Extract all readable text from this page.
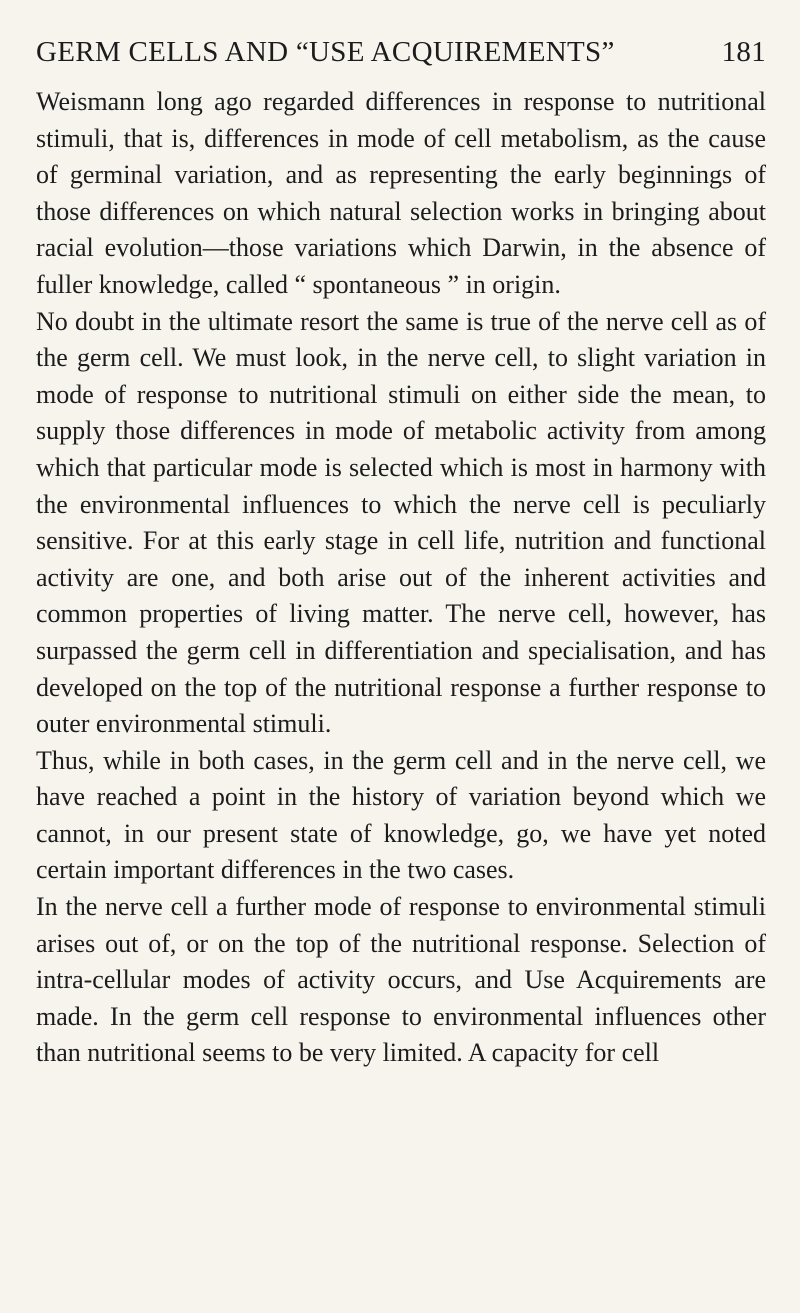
GERM CELLS AND “USE ACQUIREMENTS”	181

Weismann long ago regarded differences in response to nutritional stimuli, that is, differences in mode of cell metabolism, as the cause of germinal variation, and as representing the early beginnings of those differences on which natural selection works in bringing about racial evolution—those variations which Darwin, in the absence of fuller knowledge, called “ spontaneous ” in origin.

No doubt in the ultimate resort the same is true of the nerve cell as of the germ cell. We must look, in the nerve cell, to slight variation in mode of response to nutritional stimuli on either side the mean, to supply those differences in mode of metabolic activity from among which that particular mode is selected which is most in harmony with the environmental influences to which the nerve cell is peculiarly sensitive. For at this early stage in cell life, nutrition and functional activity are one, and both arise out of the inherent activities and common properties of living matter. The nerve cell, however, has surpassed the germ cell in differentiation and specialisation, and has developed on the top of the nutritional response a further response to outer environmental stimuli.

Thus, while in both cases, in the germ cell and in the nerve cell, we have reached a point in the history of variation beyond which we cannot, in our present state of knowledge, go, we have yet noted certain important differences in the two cases.

In the nerve cell a further mode of response to environmental stimuli arises out of, or on the top of the nutritional response. Selection of intra-cellular modes of activity occurs, and Use Acquirements are made. In the germ cell response to environmental influences other than nutritional seems to be very limited. A capacity for cell
